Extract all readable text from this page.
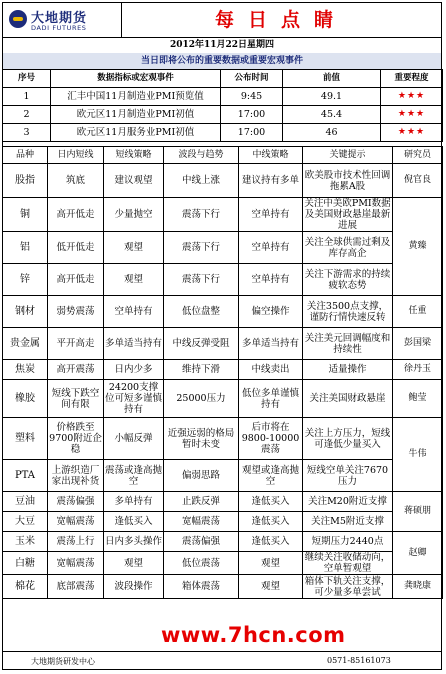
大地期货
DADI FUTURES	每日点睛
2012年11月22日星期四
当日即将公布的重要数据或重要宏观事件
序号	数据指标或宏观事件	公布时间	前值	重要程度
1	汇丰中国11月制造业PMI预览值	9:45	49.1	★★★
2	欧元区11月制造业PMI初值	17:00	45.4	★★★
3	欧元区11月服务业PMI初值	17:00	46	★★★
品种	日内短线	短线策略	波段与趋势	中线策略	关键提示	研究员
股指	筑底	建议观望	中线上涨	建议持有多单	欧美股市技术性回调拖累A股	倪官良
铜	高开低走	少量抛空	震荡下行	空单持有	关注中美欧PMI数据及美国财政悬崖最新进展	黄臻
铝	低开低走	观望	震荡下行	空单持有	关注全球供需过剩及库存高企	
锌	高开低走	观望	震荡下行	空单持有	关注下游需求的持续疲软态势	
钢材	弱势震荡	空单持有	低位盘整	偏空操作	关注3500点支撑，谨防行情快速反转	任重
贵金属	平开高走	多单适当持有	中线反弹受阻	多单适当持有	关注美元回调幅度和持续性	彭国梁
焦炭	高开震荡	日内少多	维持下滑	中线卖出	适量操作	徐丹玉
橡胶	短线下跌空间有限	24200支撑位可短多谨慎持有	25000压力	低位多单谨慎持有	关注美国财政悬崖	鲍莹
塑料	价格跌至9700附近企稳	小幅反弹	近强远弱的格局暂时未变	后市将在9800-10000震荡	关注上方压力，短线可逢低少量买入	牛伟
PTA	上游织造厂家出现补货	震荡或逢高抛空	偏弱思路	观望或逢高抛空	短线空单关注7670压力	
豆油	震荡偏强	多单持有	止跌反弹	逢低买入	关注M20附近支撑	蒋硕朋
大豆	宽幅震荡	逢低买入	宽幅震荡	逢低买入	关注M5附近支撑	
玉米	震荡上行	日内多头操作	震荡偏强	逢低买入	短期压力2440点	赵卿
白糖	宽幅震荡	观望	低位震荡	观望	继续关注收储动向，空单暂观望	
棉花	底部震荡	波段操作	箱体震荡	观望	箱体下轨关注支撑，可少量多单尝试	龚晓康
www.7hcn.com
大地期货研发中心	0571-85161073
